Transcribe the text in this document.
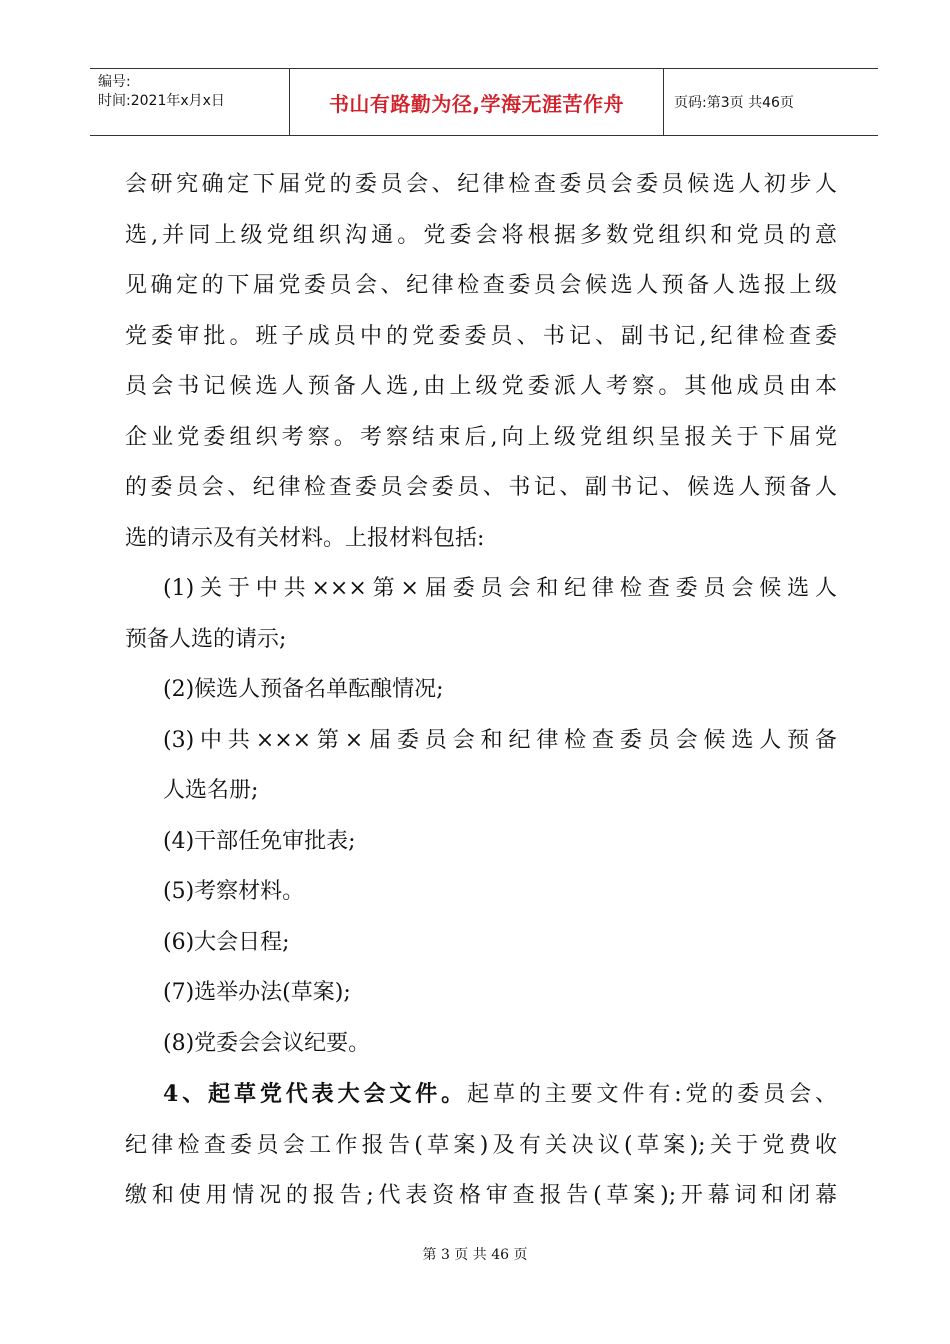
编号:
时间:2021年x月x日	书山有路勤为径,学海无涯苦作舟	页码:第3页 共46页

会研究确定下届党的委员会、纪律检查委员会委员候选人初步人

选,并同上级党组织沟通。党委会将根据多数党组织和党员的意

见确定的下届党委员会、纪律检查委员会候选人预备人选报上级

党委审批。班子成员中的党委委员、书记、副书记,纪律检查委

员会书记候选人预备人选,由上级党委派人考察。其他成员由本

企业党委组织考察。考察结束后,向上级党组织呈报关于下届党

的委员会、纪律检查委员会委员、书记、副书记、候选人预备人

选的请示及有关材料。上报材料包括:

(1)关于中共×××第×届委员会和纪律检查委员会候选人

预备人选的请示;

(2)候选人预备名单酝酿情况;

(3)中共×××第×届委员会和纪律检查委员会候选人预备

人选名册;

(4)干部任免审批表;

(5)考察材料。

(6)大会日程;

(7)选举办法(草案);

(8)党委会会议纪要。

4、起草党代表大会文件。起草的主要文件有:党的委员会、

纪律检查委员会工作报告(草案)及有关决议(草案);关于党费收

缴和使用情况的报告;代表资格审查报告(草案);开幕词和闭幕

第 3 页 共 46 页
